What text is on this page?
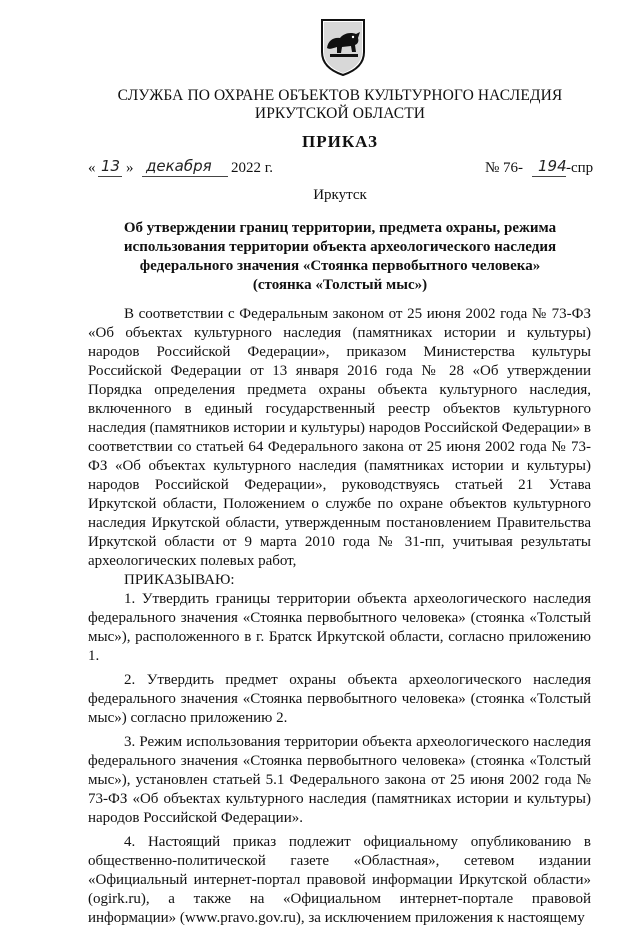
СЛУЖБА ПО ОХРАНЕ ОБЪЕКТОВ КУЛЬТУРНОГО НАСЛЕДИЯ
ИРКУТСКОЙ ОБЛАСТИ
ПРИКАЗ
« 13 » декабря 2022 г.	№ 76- 194 -спр
Иркутск
Об утверждении границ территории, предмета охраны, режима
использования территории объекта археологического наследия
федерального значения «Стоянка первобытного человека»
(стоянка «Толстый мыс»)

В соответствии с Федеральным законом от 25 июня 2002 года № 73-ФЗ «Об объектах культурного наследия (памятниках истории и культуры) народов Российской Федерации», приказом Министерства культуры Российской Федерации от 13 января 2016 года № 28 «Об утверждении Порядка определения предмета охраны объекта культурного наследия, включенного в единый государственный реестр объектов культурного наследия (памятников истории и культуры) народов Российской Федерации» в соответствии со статьей 64 Федерального закона от 25 июня 2002 года № 73-ФЗ «Об объектах культурного наследия (памятниках истории и культуры) народов Российской Федерации», руководствуясь статьей 21 Устава Иркутской области, Положением о службе по охране объектов культурного наследия Иркутской области, утвержденным постановлением Правительства Иркутской области от 9 марта 2010 года № 31-пп, учитывая результаты археологических полевых работ,

ПРИКАЗЫВАЮ:

1. Утвердить границы территории объекта археологического наследия федерального значения «Стоянка первобытного человека» (стоянка «Толстый мыс»), расположенного в г. Братск Иркутской области, согласно приложению 1.

2. Утвердить предмет охраны объекта археологического наследия федерального значения «Стоянка первобытного человека» (стоянка «Толстый мыс») согласно приложению 2.

3. Режим использования территории объекта археологического наследия федерального значения «Стоянка первобытного человека» (стоянка «Толстый мыс»), установлен статьей 5.1 Федерального закона от 25 июня 2002 года № 73-ФЗ «Об объектах культурного наследия (памятниках истории и культуры) народов Российской Федерации».

4. Настоящий приказ подлежит официальному опубликованию в общественно-политической газете «Областная», сетевом издании «Официальный интернет-портал правовой информации Иркутской области» (ogirk.ru), а также на «Официальном интернет-портале правовой информации» (www.pravo.gov.ru), за исключением приложения к настоящему
